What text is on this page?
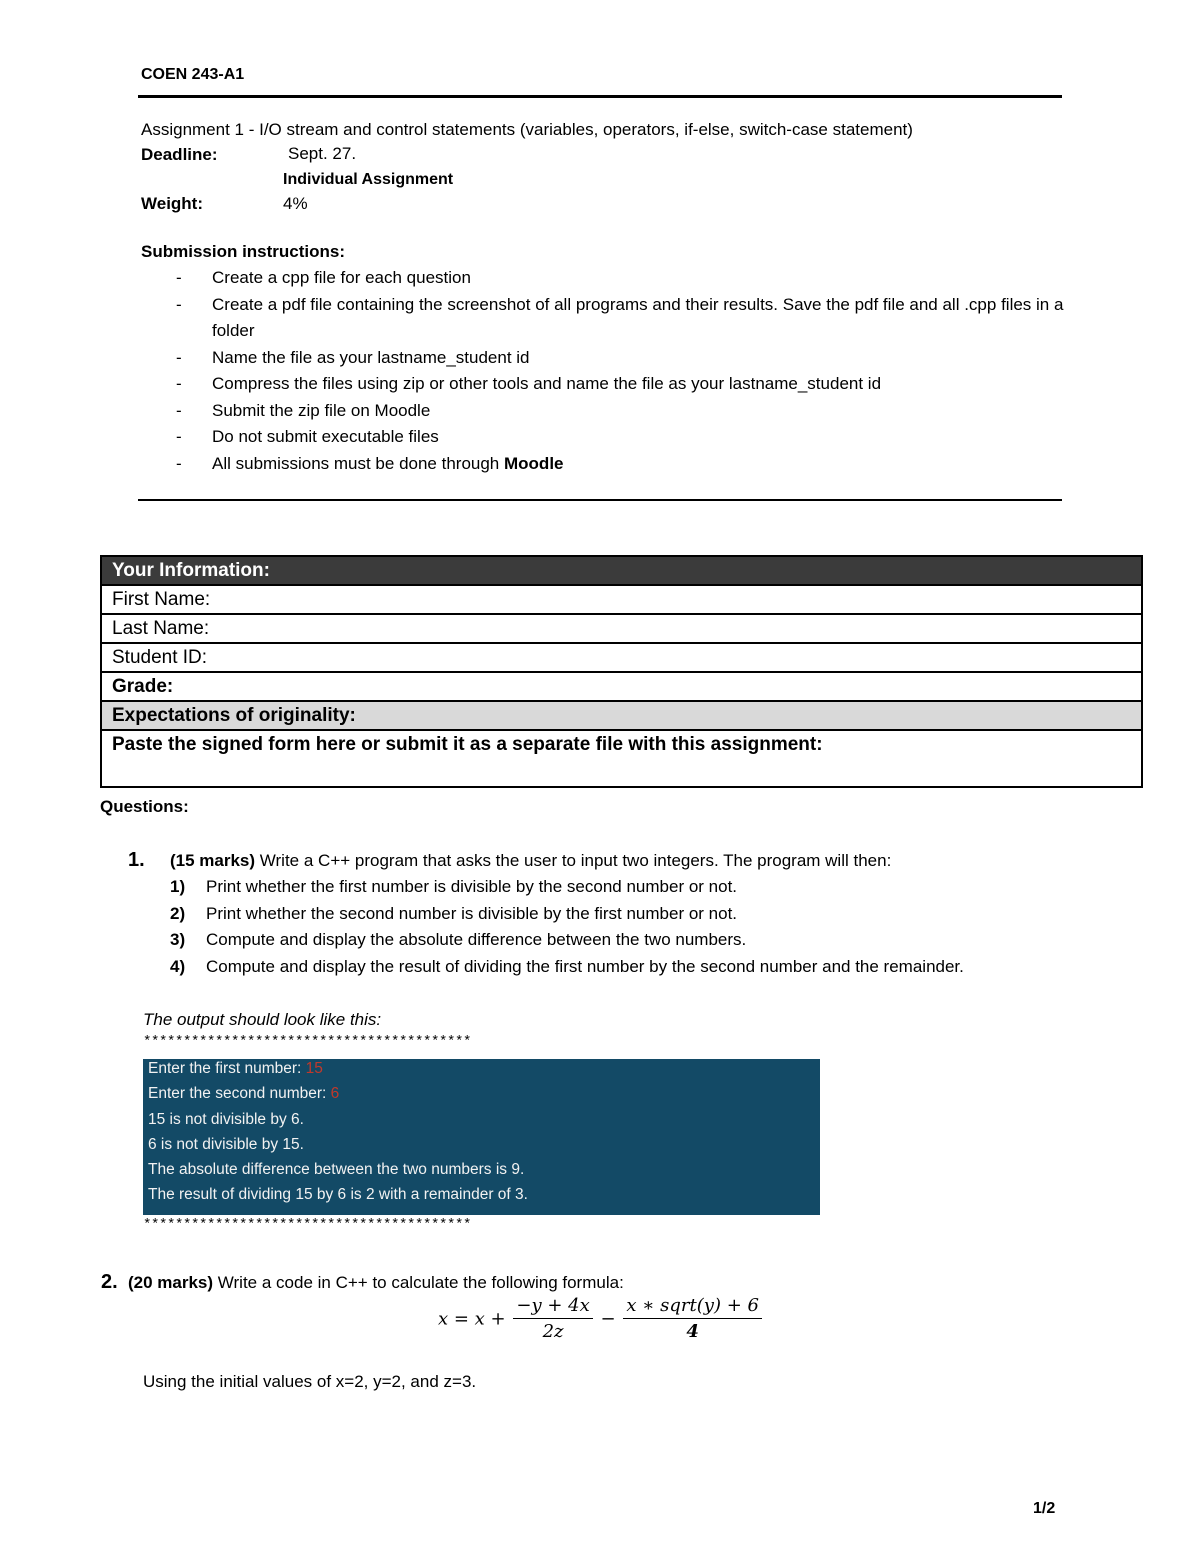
COEN 243-A1
Assignment 1 - I/O stream and control statements (variables, operators, if-else, switch-case statement)
Deadline:	Sept. 27.
Individual Assignment
Weight:	4%
Submission instructions:
- Create a cpp file for each question
- Create a pdf file containing the screenshot of all programs and their results. Save the pdf file and all .cpp files in a folder
- Name the file as your lastname_student id
- Compress the files using zip or other tools and name the file as your lastname_student id
- Submit the zip file on Moodle
- Do not submit executable files
- All submissions must be done through Moodle
Your Information:
First Name:
Last Name:
Student ID:
Grade:
Expectations of originality:
Paste the signed form here or submit it as a separate file with this assignment:
Questions:
1. (15 marks) Write a C++ program that asks the user to input two integers. The program will then:
1) Print whether the first number is divisible by the second number or not.
2) Print whether the second number is divisible by the first number or not.
3) Compute and display the absolute difference between the two numbers.
4) Compute and display the result of dividing the first number by the second number and the remainder.
The output should look like this:
*****************************************
Enter the first number: 15
Enter the second number: 6
15 is not divisible by 6.
6 is not divisible by 15.
The absolute difference between the two numbers is 9.
The result of dividing 15 by 6 is 2 with a remainder of 3.
*****************************************
2. (20 marks) Write a code in C++ to calculate the following formula:
$x = x + \frac{-y + 4x}{2z} - \frac{\text{x ∗ sqrt(y) + 6}}{4}$
Using the initial values of x=2, y=2, and z=3.
1/2
